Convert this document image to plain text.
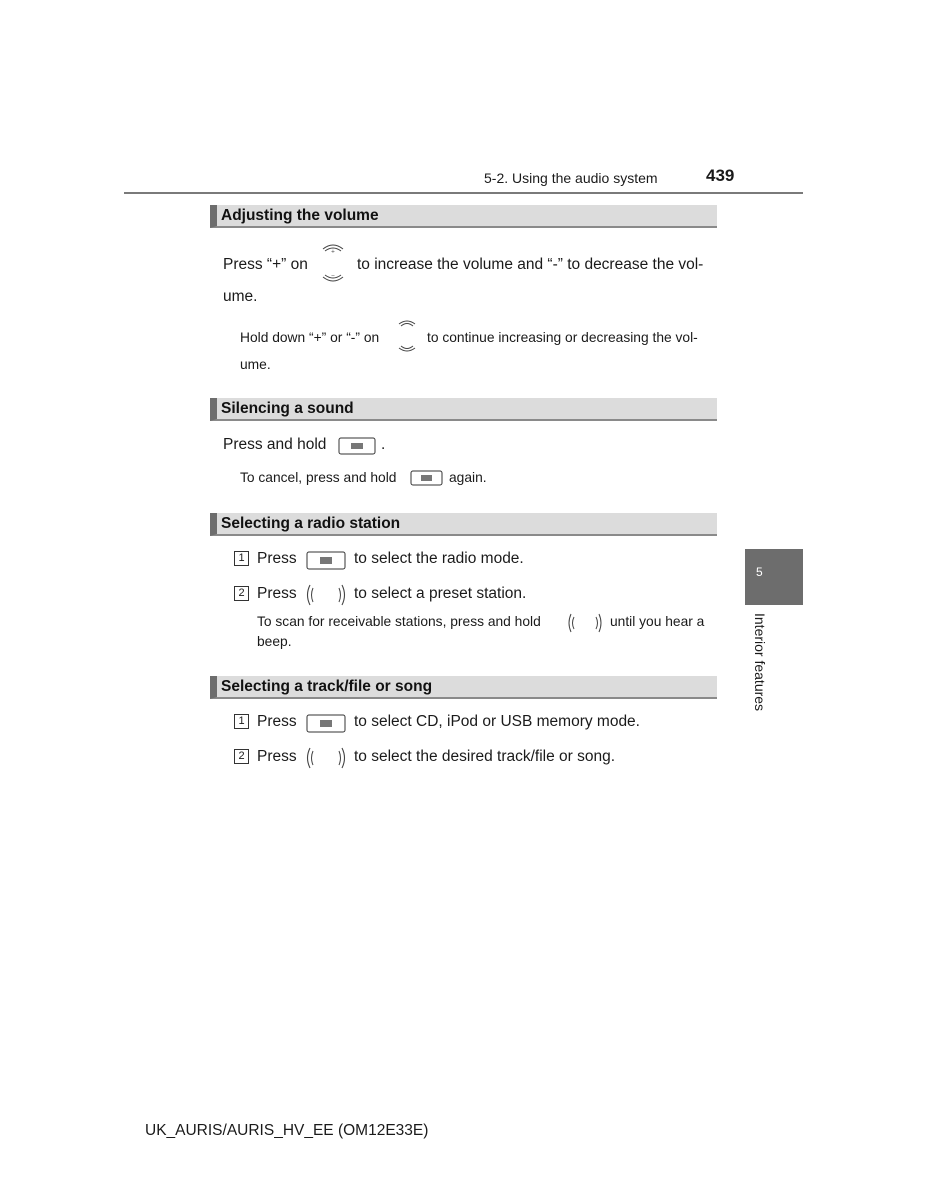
5-2. Using the audio system	439
Adjusting the volume
Press “+” on
+
−
to increase the volume and “-” to decrease the vol-
ume.
Hold down “+” or “-” on	to continue increasing or decreasing the vol-
ume.
Silencing a sound
Press and hold	.
To cancel, press and hold	again.
Selecting a radio station
1 Press	to select the radio mode.
2 Press	to select a preset station.
To scan for receivable stations, press and hold	until you hear a
beep.
Selecting a track/file or song
1 Press	to select CD, iPod or USB memory mode.
2 Press	to select the desired track/file or song.
5
Interior features
UK_AURIS/AURIS_HV_EE (OM12E33E)
